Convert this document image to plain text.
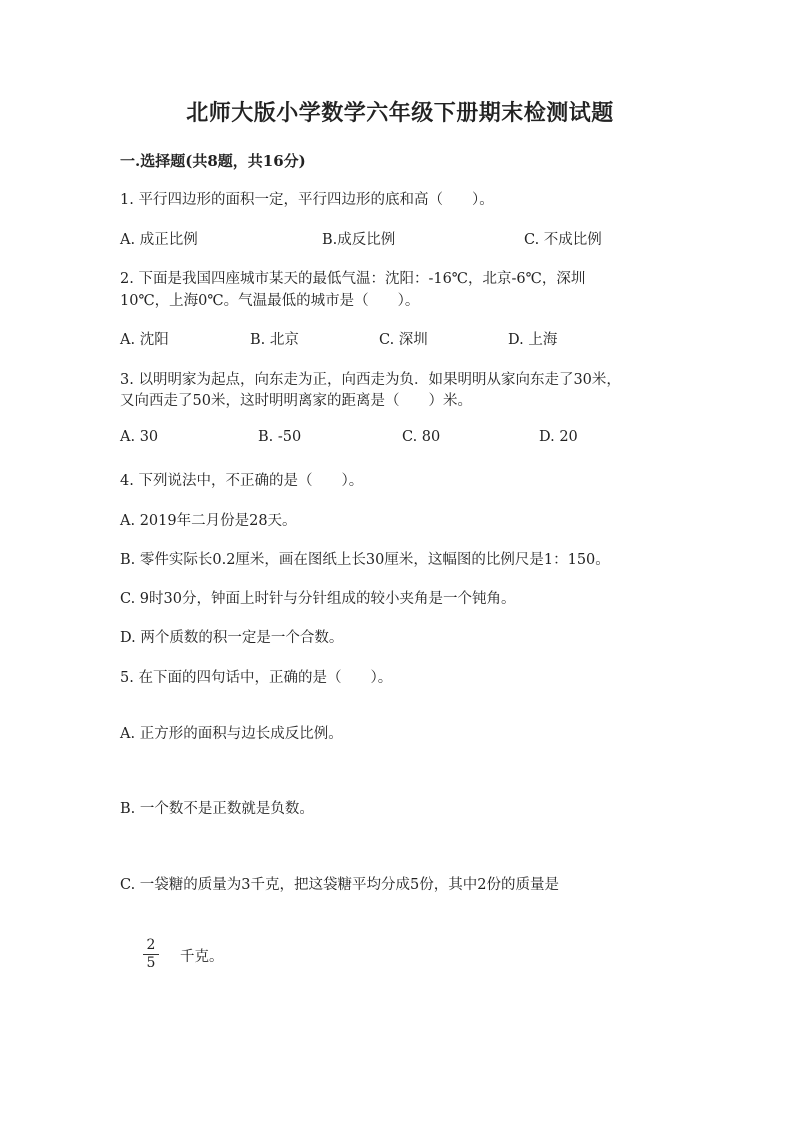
北师大版小学数学六年级下册期末检测试题
一.选择题(共8题，共16分)
1. 平行四边形的面积一定，平行四边形的底和高（　　）。
A. 成正比例	B.成反比例	C. 不成比例
2. 下面是我国四座城市某天的最低气温：沈阳：-16℃，北京-6℃，深圳
10℃，上海0℃。气温最低的城市是（　　）。
A. 沈阳	B. 北京	C. 深圳	D. 上海
3. 以明明家为起点，向东走为正，向西走为负．如果明明从家向东走了30米，
又向西走了50米，这时明明离家的距离是（　　）米。
A. 30	B. -50	C. 80	D. 20
4. 下列说法中，不正确的是（　　）。
A. 2019年二月份是28天。
B. 零件实际长0.2厘米，画在图纸上长30厘米，这幅图的比例尺是1：150。
C. 9时30分，钟面上时针与分针组成的较小夹角是一个钝角。
D. 两个质数的积一定是一个合数。
5. 在下面的四句话中，正确的是（　　）。
A. 正方形的面积与边长成反比例。
B. 一个数不是正数就是负数。
C. 一袋糖的质量为3千克，把这袋糖平均分成5份，其中2份的质量是
2
5 千克。
